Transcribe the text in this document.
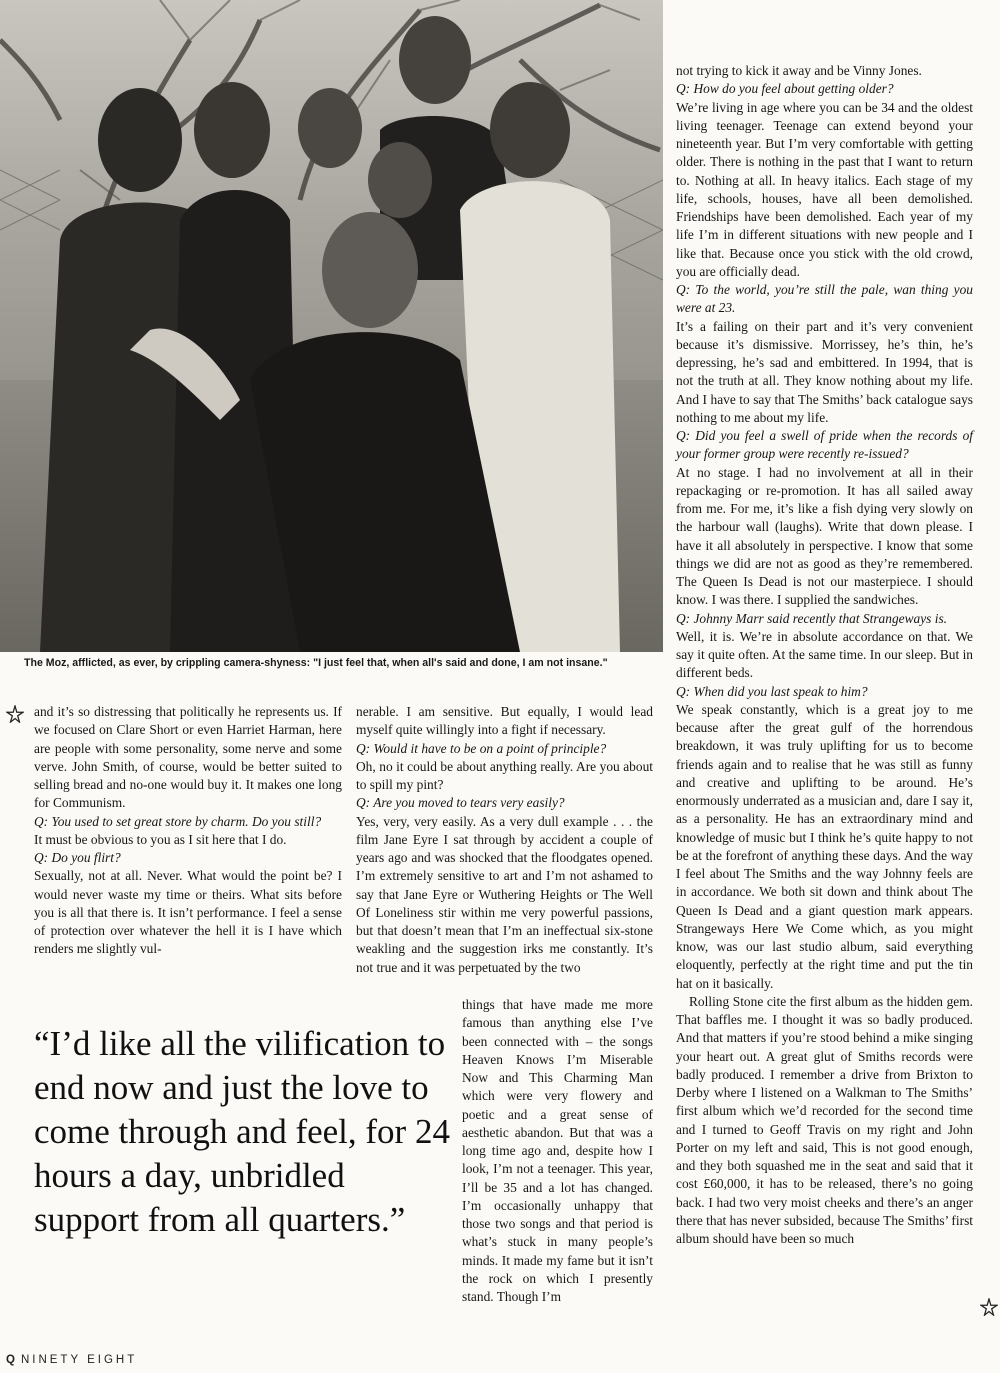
The Moz, afflicted, as ever, by crippling camera-shyness: "I just feel that, when all's said and done, I am not insane."

and it’s so distressing that politically he represents us. If we focused on Clare Short or even Harriet Harman, here are people with some personality, some nerve and some verve. John Smith, of course, would be better suited to selling bread and no-one would buy it. It makes one long for Communism.

Q: You used to set great store by charm. Do you still?

It must be obvious to you as I sit here that I do.

Q: Do you flirt?

Sexually, not at all. Never. What would the point be? I would never waste my time or theirs. What sits before you is all that there is. It isn’t performance. I feel a sense of protection over whatever the hell it is I have which renders me slightly vul-

nerable. I am sensitive. But equally, I would lead myself quite willingly into a fight if necessary.

Q: Would it have to be on a point of principle?

Oh, no it could be about anything really. Are you about to spill my pint?

Q: Are you moved to tears very easily?

Yes, very, very easily. As a very dull example . . . the film Jane Eyre I sat through by accident a couple of years ago and was shocked that the floodgates opened. I’m extremely sensitive to art and I’m not ashamed to say that Jane Eyre or Wuthering Heights or The Well Of Loneliness stir within me very powerful passions, but that doesn’t mean that I’m an ineffectual six-stone weakling and the suggestion irks me constantly. It’s not true and it was perpetuated by the two

things that have made me more famous than anything else I’ve been connected with – the songs Heaven Knows I’m Miserable Now and This Charming Man which were very flowery and poetic and a great sense of aesthetic abandon. But that was a long time ago and, despite how I look, I’m not a teenager. This year, I’ll be 35 and a lot has changed. I’m occasionally unhappy that those two songs and that period is what’s stuck in many people’s minds. It made my fame but it isn’t the rock on which I presently stand. Though I’m

not trying to kick it away and be Vinny Jones.

Q: How do you feel about getting older?

We’re living in age where you can be 34 and the oldest living teenager. Teenage can extend beyond your nineteenth year. But I’m very comfortable with getting older. There is nothing in the past that I want to return to. Nothing at all. In heavy italics. Each stage of my life, schools, houses, have all been demolished. Friendships have been demolished. Each year of my life I’m in different situations with new people and I like that. Because once you stick with the old crowd, you are officially dead.

Q: To the world, you’re still the pale, wan thing you were at 23.

It’s a failing on their part and it’s very convenient because it’s dismissive. Morrissey, he’s thin, he’s depressing, he’s sad and embittered. In 1994, that is not the truth at all. They know nothing about my life. And I have to say that The Smiths’ back catalogue says nothing to me about my life.

Q: Did you feel a swell of pride when the records of your former group were recently re-issued?

At no stage. I had no involvement at all in their repackaging or re-promotion. It has all sailed away from me. For me, it’s like a fish dying very slowly on the harbour wall (laughs). Write that down please. I have it all absolutely in perspective. I know that some things we did are not as good as they’re remembered. The Queen Is Dead is not our masterpiece. I should know. I was there. I supplied the sandwiches.

Q: Johnny Marr said recently that Strangeways is.

Well, it is. We’re in absolute accordance on that. We say it quite often. At the same time. In our sleep. But in different beds.

Q: When did you last speak to him?

We speak constantly, which is a great joy to me because after the great gulf of the horrendous breakdown, it was truly uplifting for us to become friends again and to realise that he was still as funny and creative and uplifting to be around. He’s enormously underrated as a musician and, dare I say it, as a personality. He has an extraordinary mind and knowledge of music but I think he’s quite happy to not be at the forefront of anything these days. And the way I feel about The Smiths and the way Johnny feels are in accordance. We both sit down and think about The Queen Is Dead and a giant question mark appears. Strangeways Here We Come which, as you might know, was our last studio album, said everything eloquently, perfectly at the right time and put the tin hat on it basically.

Rolling Stone cite the first album as the hidden gem. That baffles me. I thought it was so badly produced. And that matters if you’re stood behind a mike singing your heart out. A great glut of Smiths records were badly produced. I remember a drive from Brixton to Derby where I listened on a Walkman to The Smiths’ first album which we’d recorded for the second time and I turned to Geoff Travis on my right and John Porter on my left and said, This is not good enough, and they both squashed me in the seat and said that it cost £60,000, it has to be released, there’s no going back. I had two very moist cheeks and there’s an anger there that has never subsided, because The Smiths’ first album should have been so much

“I’d like all the vilification to end now and just the love to come through and feel, for 24 hours a day, unbridled support from all quarters.”
Q NINETY EIGHT
